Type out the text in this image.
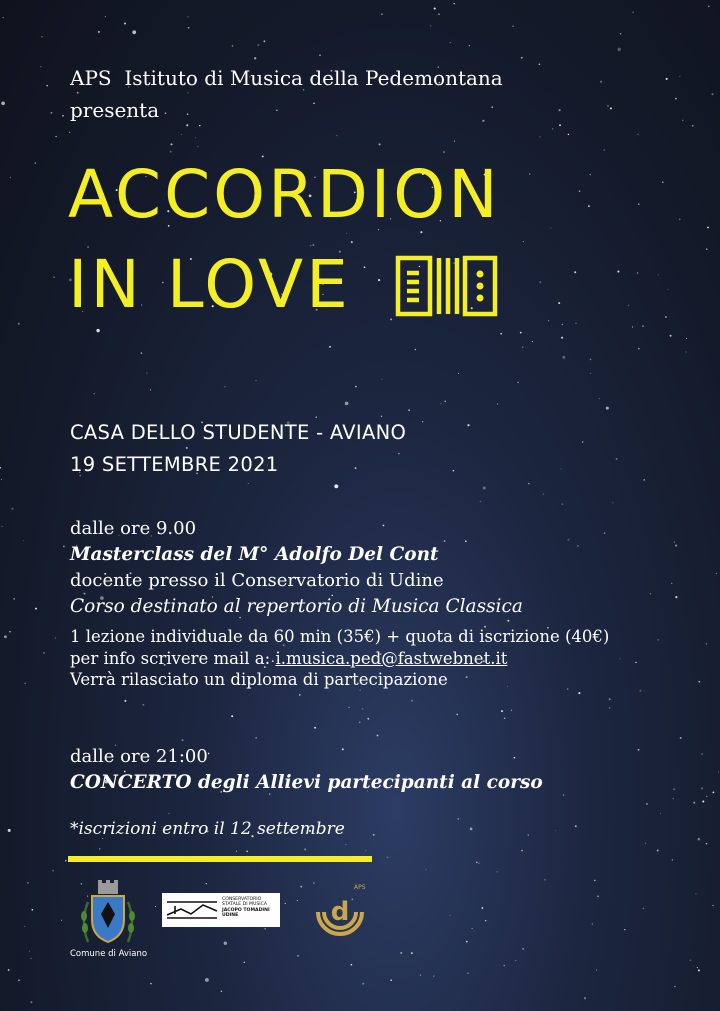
APS  Istituto di Musica della Pedemontana
presenta
ACCORDION
IN LOVE
CASA DELLO STUDENTE - AVIANO
19 SETTEMBRE 2021
dalle ore 9.00
Masterclass del M° Adolfo Del Cont
docente presso il Conservatorio di Udine
Corso destinato al repertorio di Musica Classica
1 lezione individuale da 60 min (35€) + quota di iscrizione (40€)
per info scrivere mail a: i.musica.ped@fastwebnet.it
Verrà rilasciato un diploma di partecipazione
dalle ore 21:00
CONCERTO degli Allievi partecipanti al corso
*iscrizioni entro il 12 settembre
Comune di Aviano
CONSERVATORIO
STATALE DI MUSICA
JACOPO TOMADINI
UDINE	d
APS
